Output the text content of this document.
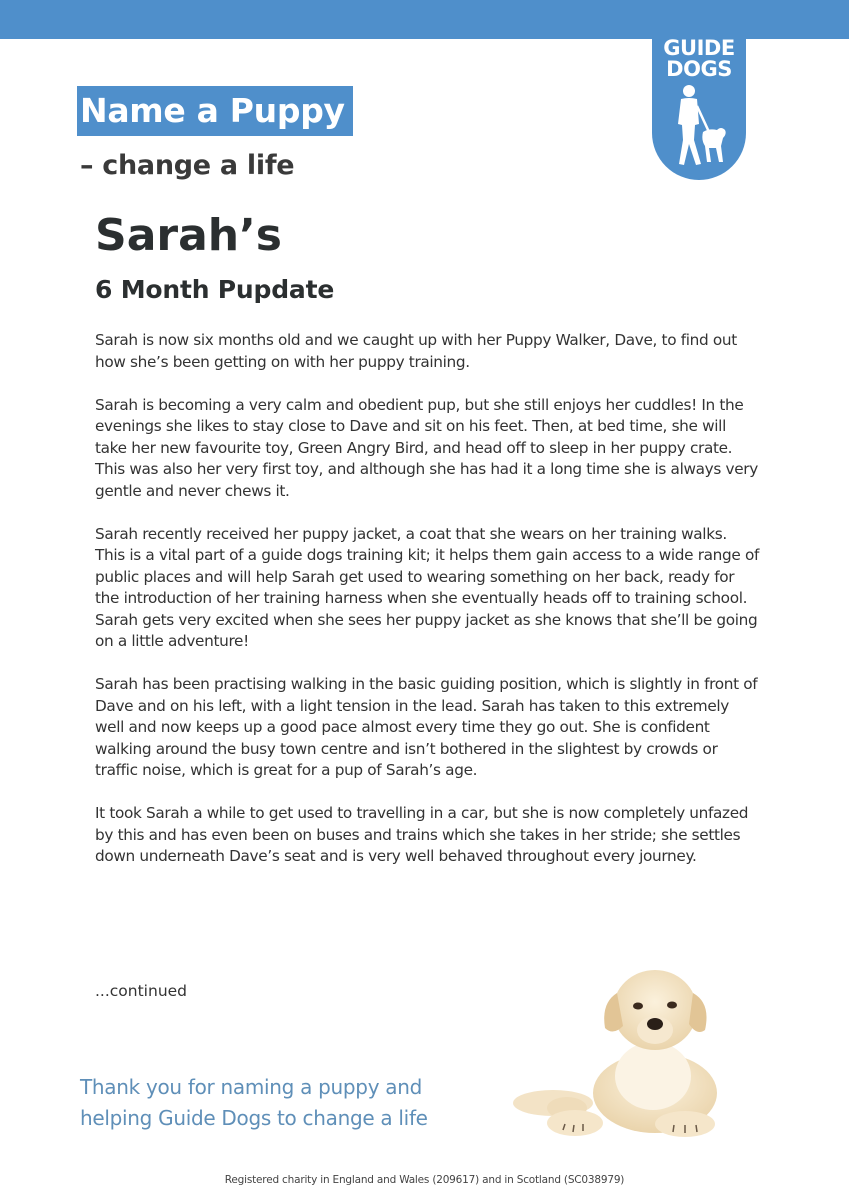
GUIDE
DOGS
Name a Puppy
– change a life
Sarah’s
6 Month Pupdate

Sarah is now six months old and we caught up with her Puppy Walker, Dave, to find out how she’s been getting on with her puppy training.

Sarah is becoming a very calm and obedient pup, but she still enjoys her cuddles! In the evenings she likes to stay close to Dave and sit on his feet. Then, at bed time, she will take her new favourite toy, Green Angry Bird, and head off to sleep in her puppy crate. This was also her very first toy, and although she has had it a long time she is always very gentle and never chews it.

Sarah recently received her puppy jacket, a coat that she wears on her training walks. This is a vital part of a guide dogs training kit; it helps them gain access to a wide range of public places and will help Sarah get used to wearing something on her back, ready for the introduction of her training harness when she eventually heads off to training school. Sarah gets very excited when she sees her puppy jacket as she knows that she’ll be going on a little adventure!

Sarah has been practising walking in the basic guiding position, which is slightly in front of Dave and on his left, with a light tension in the lead. Sarah has taken to this extremely well and now keeps up a good pace almost every time they go out. She is confident walking around the busy town centre and isn’t bothered in the slightest by crowds or traffic noise, which is great for a pup of Sarah’s age.

It took Sarah a while to get used to travelling in a car, but she is now completely unfazed by this and has even been on buses and trains which she takes in her stride; she settles down underneath Dave’s seat and is very well behaved throughout every journey.

...continued
Thank you for naming a puppy and
helping Guide Dogs to change a life
Registered charity in England and Wales (209617) and in Scotland (SC038979)
